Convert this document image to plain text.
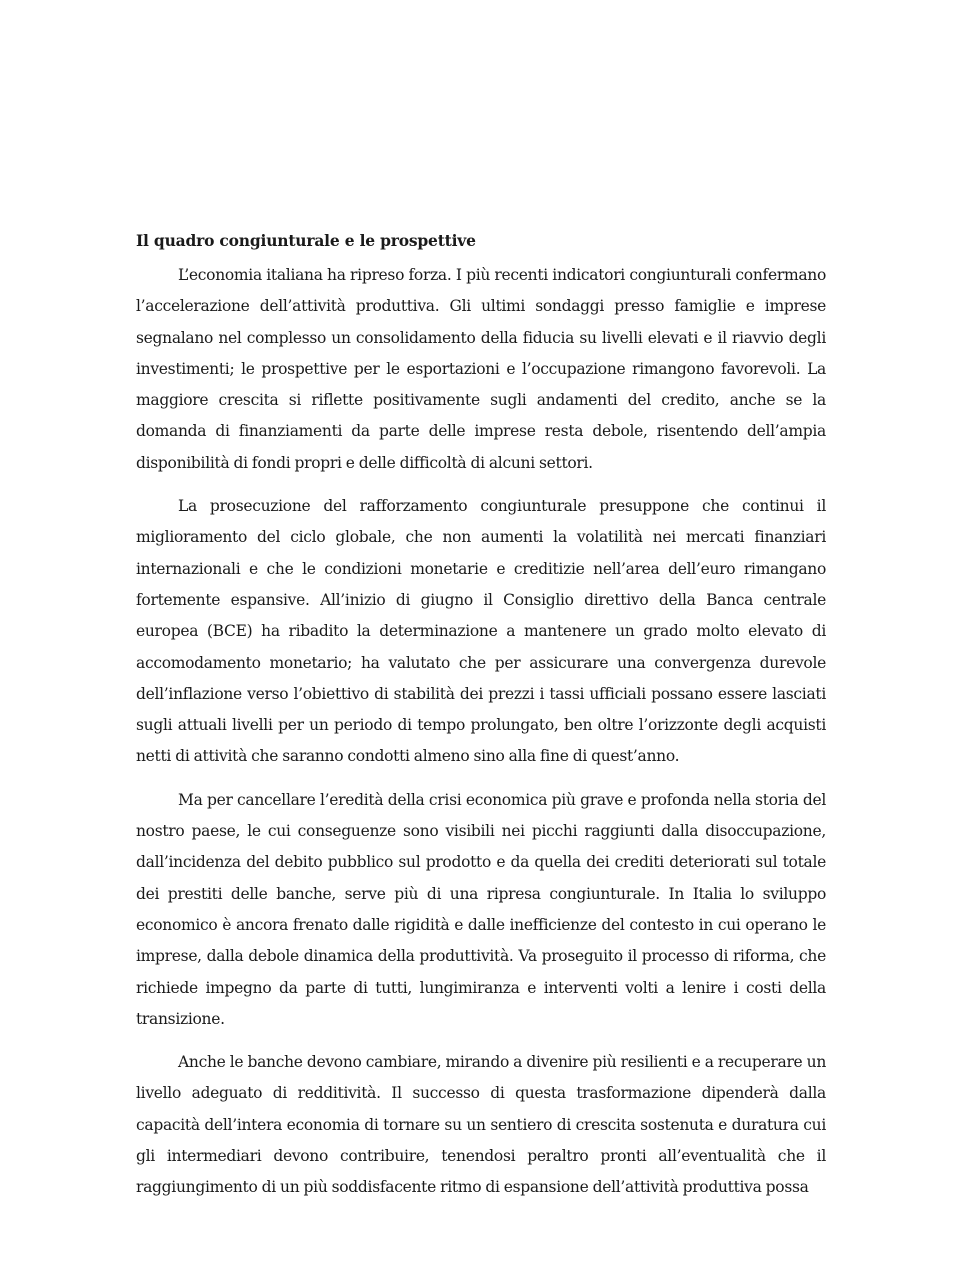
Il quadro congiunturale e le prospettive

L’economia italiana ha ripreso forza. I più recenti indicatori congiunturali confermano l’accelerazione dell’attività produttiva. Gli ultimi sondaggi presso famiglie e imprese segnalano nel complesso un consolidamento della fiducia su livelli elevati e il riavvio degli investimenti; le prospettive per le esportazioni e l’occupazione rimangono favorevoli. La maggiore crescita si riflette positivamente sugli andamenti del credito, anche se la domanda di finanziamenti da parte delle imprese resta debole, risentendo dell’ampia disponibilità di fondi propri e delle difficoltà di alcuni settori.

La prosecuzione del rafforzamento congiunturale presuppone che continui il miglioramento del ciclo globale, che non aumenti la volatilità nei mercati finanziari internazionali e che le condizioni monetarie e creditizie nell’area dell’euro rimangano fortemente espansive. All’inizio di giugno il Consiglio direttivo della Banca centrale europea (BCE) ha ribadito la determinazione a mantenere un grado molto elevato di accomodamento monetario; ha valutato che per assicurare una convergenza durevole dell’inflazione verso l’obiettivo di stabilità dei prezzi i tassi ufficiali possano essere lasciati sugli attuali livelli per un periodo di tempo prolungato, ben oltre l’orizzonte degli acquisti netti di attività che saranno condotti almeno sino alla fine di quest’anno.

Ma per cancellare l’eredità della crisi economica più grave e profonda nella storia del nostro paese, le cui conseguenze sono visibili nei picchi raggiunti dalla disoccupazione, dall’incidenza del debito pubblico sul prodotto e da quella dei crediti deteriorati sul totale dei prestiti delle banche, serve più di una ripresa congiunturale. In Italia lo sviluppo economico è ancora frenato dalle rigidità e dalle inefficienze del contesto in cui operano le imprese, dalla debole dinamica della produttività. Va proseguito il processo di riforma, che richiede impegno da parte di tutti, lungimiranza e interventi volti a lenire i costi della transizione.

Anche le banche devono cambiare, mirando a divenire più resilienti e a recuperare un livello adeguato di redditività. Il successo di questa trasformazione dipenderà dalla capacità dell’intera economia di tornare su un sentiero di crescita sostenuta e duratura cui gli intermediari devono contribuire, tenendosi peraltro pronti all’eventualità che il raggiungimento di un più soddisfacente ritmo di espansione dell’attività produttiva possa
